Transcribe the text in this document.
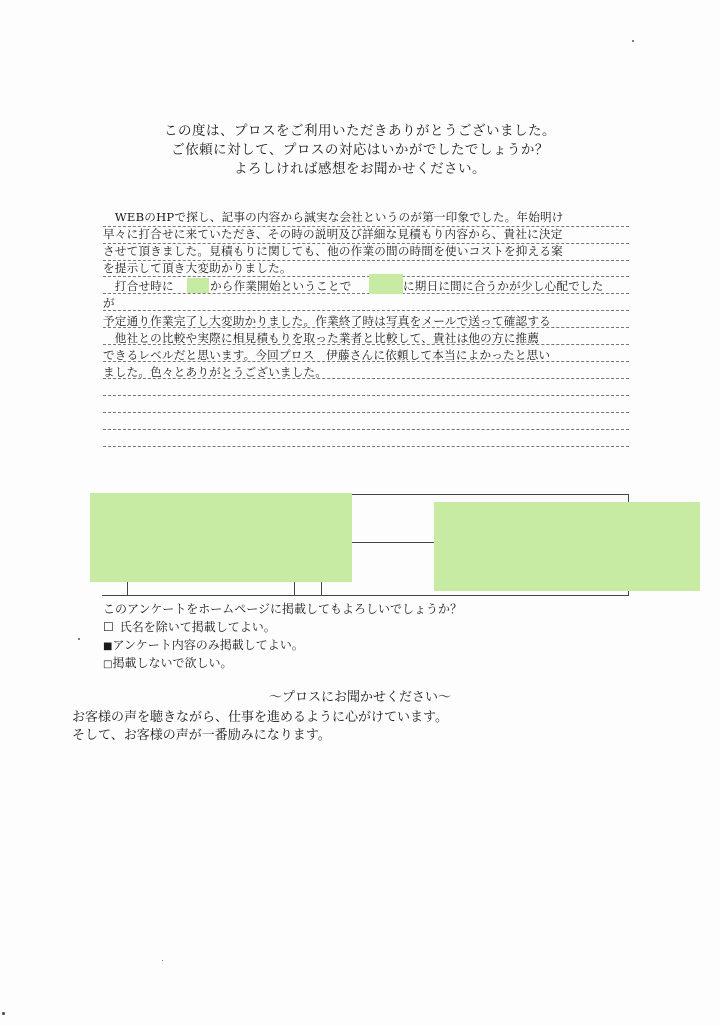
この度は、プロスをご利用いただきありがとうございました。
ご依頼に対して、プロスの対応はいかがでしたでしょうか？
よろしければ感想をお聞かせください。
　WEBのHPで探し、記事の内容から誠実な会社というのが第一印象でした。年始明け
早々に打合せに来ていただき、その時の説明及び詳細な見積もり内容から、貴社に決定
させて頂きました。見積もりに関しても、他の作業の間の時間を使いコストを抑える案
を提示して頂き大変助かりました。
　打合せ時に	から作業開始ということで	に期日に間に合うかが少し心配でした
が
予定通り作業完了し大変助かりました。作業終了時は写真をメールで送って確認する
　他社との比較や実際に相見積もりを取った業者と比較して、貴社は他の方に推薦
できるレベルだと思います。今回プロス　伊藤さんに依頼して本当によかったと思い
ました。色々とありがとうございました。
このアンケートをホームページに掲載してもよろしいでしょうか？
☐ 氏名を除いて掲載してよい。
■アンケート内容のみ掲載してよい。
□掲載しないで欲しい。
～プロスにお聞かせください～
お客様の声を聴きながら、仕事を進めるように心がけています。
そして、お客様の声が一番励みになります。
